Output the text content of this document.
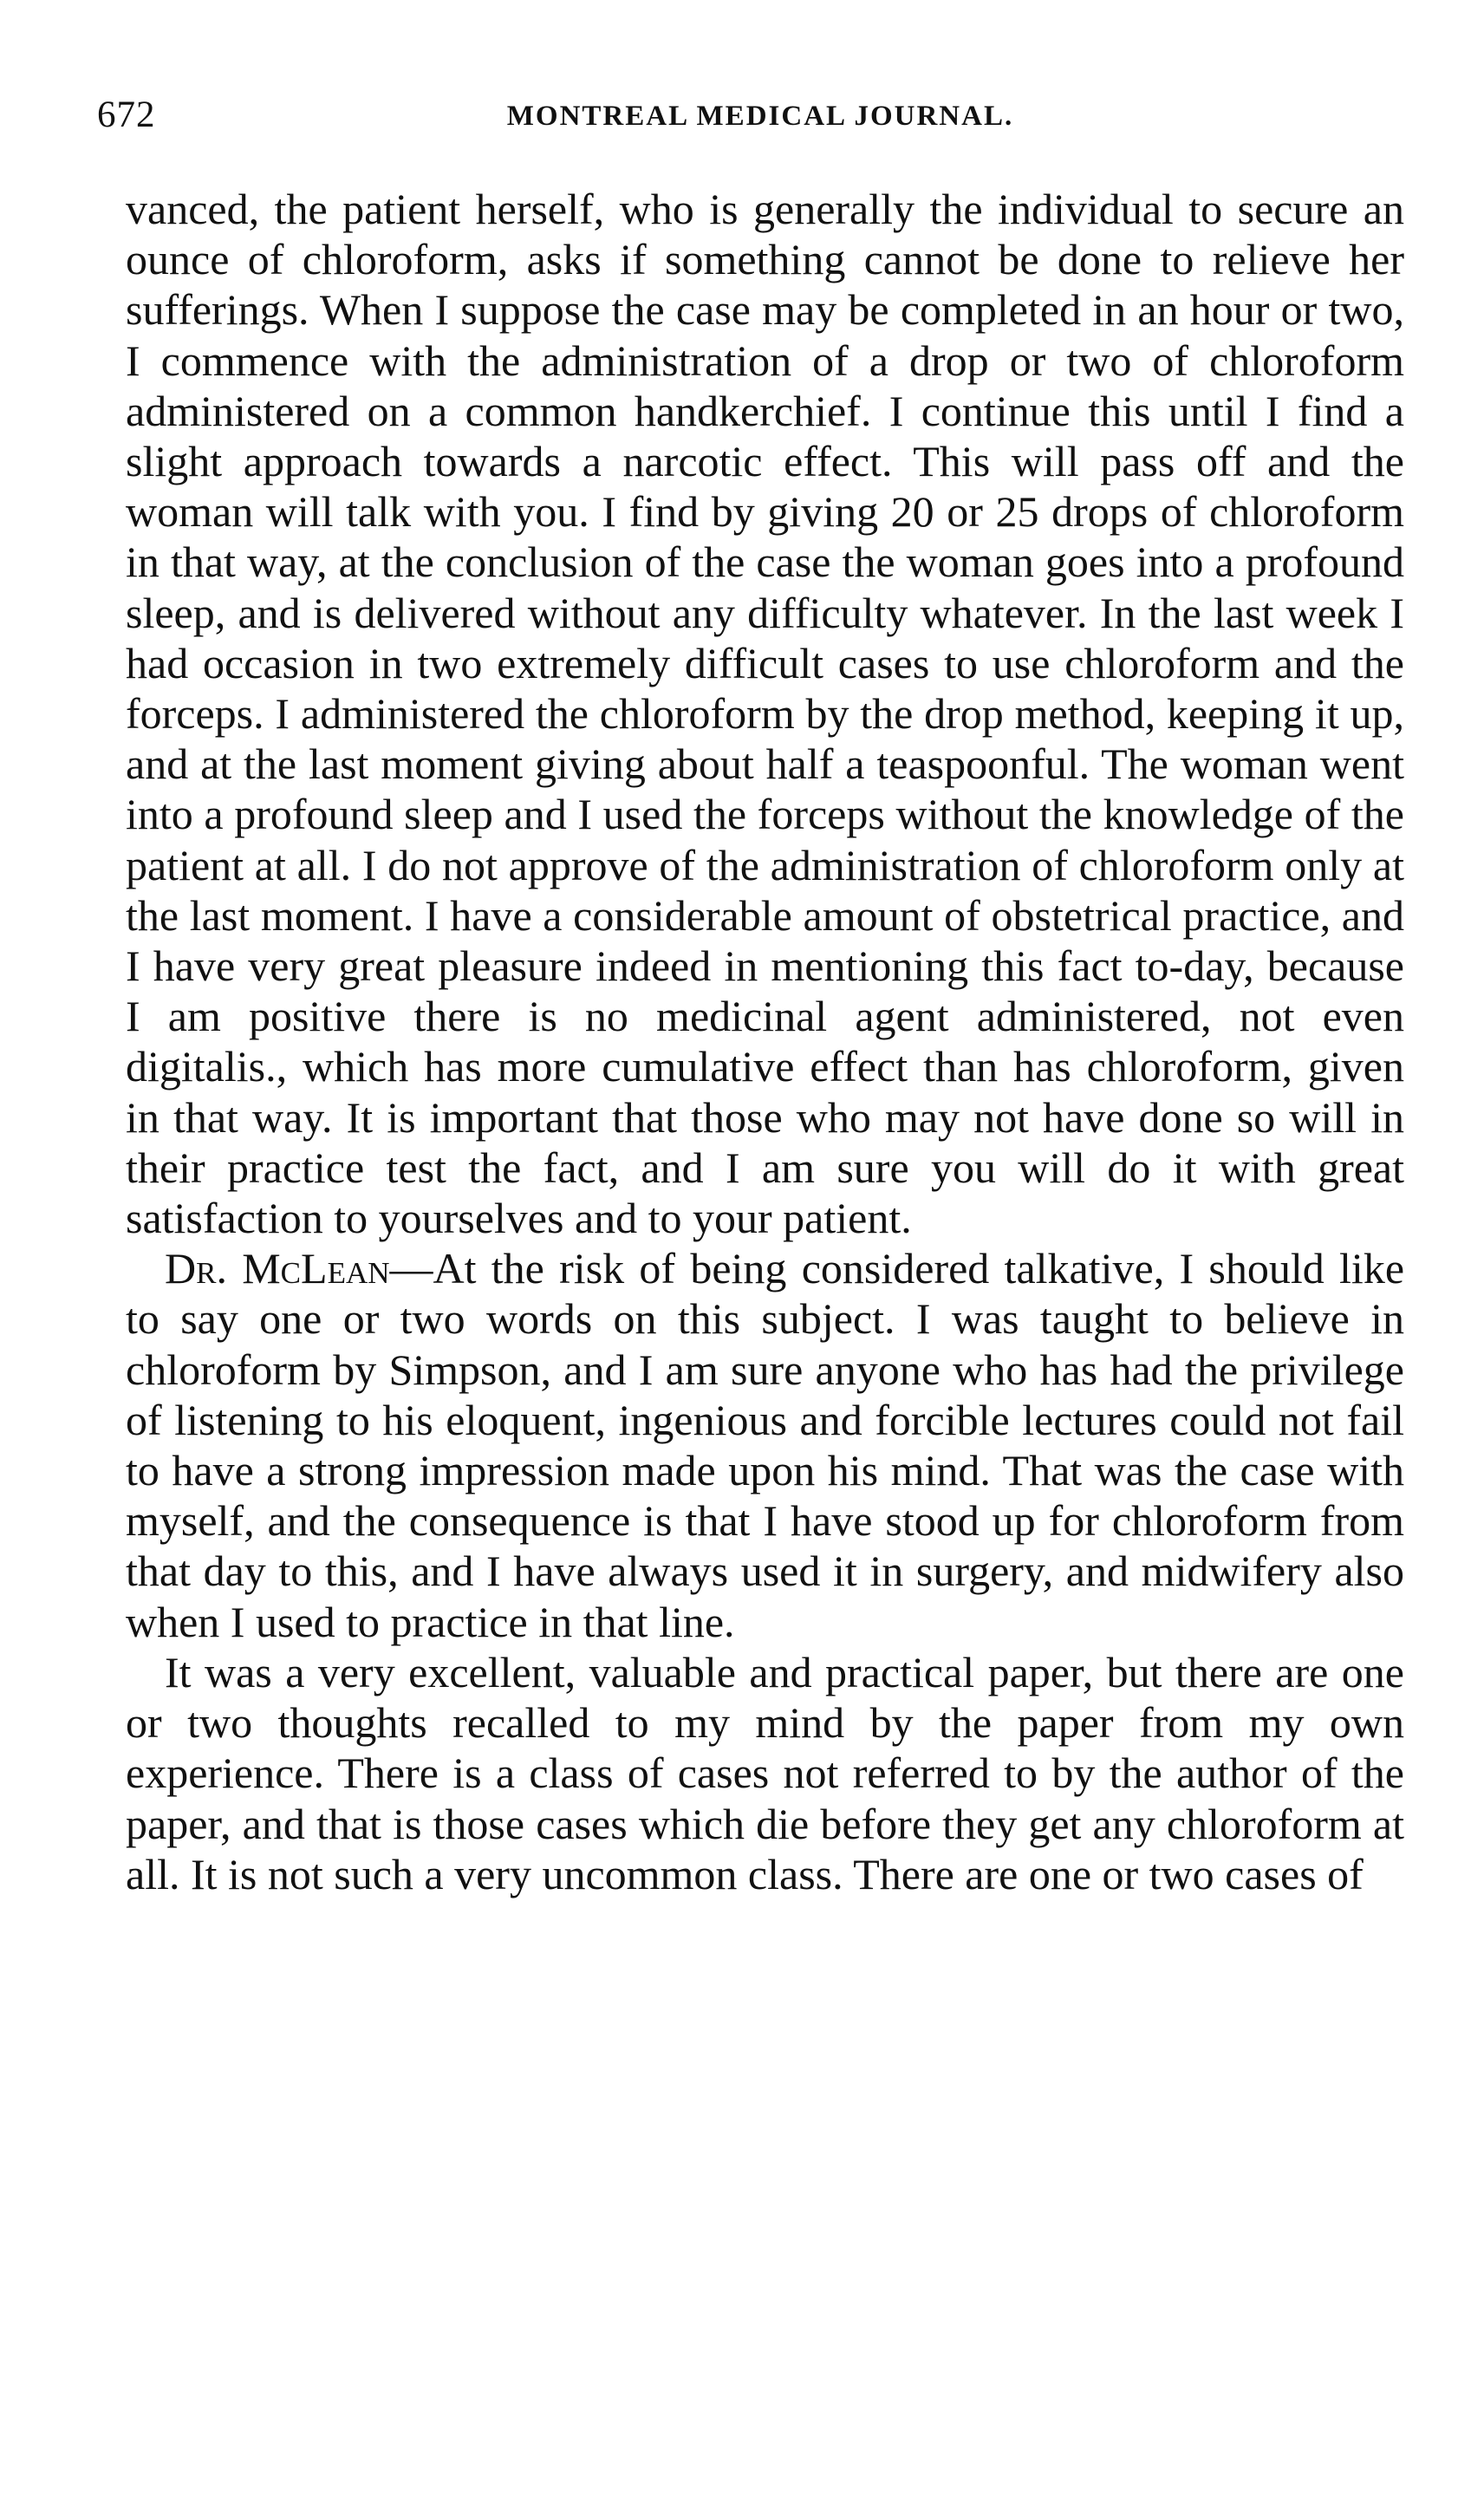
672	MONTREAL MEDICAL JOURNAL.

vanced, the patient herself, who is generally the individual to secure an ounce of chloroform, asks if something cannot be done to relieve her sufferings. When I suppose the case may be completed in an hour or two, I commence with the administration of a drop or two of chloroform administered on a common handkerchief. I continue this until I find a slight approach towards a narcotic effect. This will pass off and the woman will talk with you. I find by giving 20 or 25 drops of chloroform in that way, at the conclusion of the case the woman goes into a profound sleep, and is delivered without any difficulty whatever. In the last week I had occasion in two extremely difficult cases to use chloroform and the forceps. I administered the chloroform by the drop method, keeping it up, and at the last moment giving about half a teaspoonful. The woman went into a profound sleep and I used the forceps without the knowledge of the patient at all. I do not approve of the administration of chloroform only at the last moment. I have a considerable amount of obstetrical practice, and I have very great pleasure indeed in mentioning this fact to-day, because I am positive there is no medicinal agent administered, not even digitalis., which has more cumulative effect than has chloroform, given in that way. It is important that those who may not have done so will in their practice test the fact, and I am sure you will do it with great satisfaction to yourselves and to your patient.

Dr. McLean—At the risk of being considered talkative, I should like to say one or two words on this subject. I was taught to believe in chloroform by Simpson, and I am sure anyone who has had the privilege of listening to his eloquent, ingenious and forcible lectures could not fail to have a strong impression made upon his mind. That was the case with myself, and the consequence is that I have stood up for chloroform from that day to this, and I have always used it in surgery, and midwifery also when I used to practice in that line.

It was a very excellent, valuable and practical paper, but there are one or two thoughts recalled to my mind by the paper from my own experience. There is a class of cases not referred to by the author of the paper, and that is those cases which die before they get any chloroform at all. It is not such a very uncommon class. There are one or two cases of
